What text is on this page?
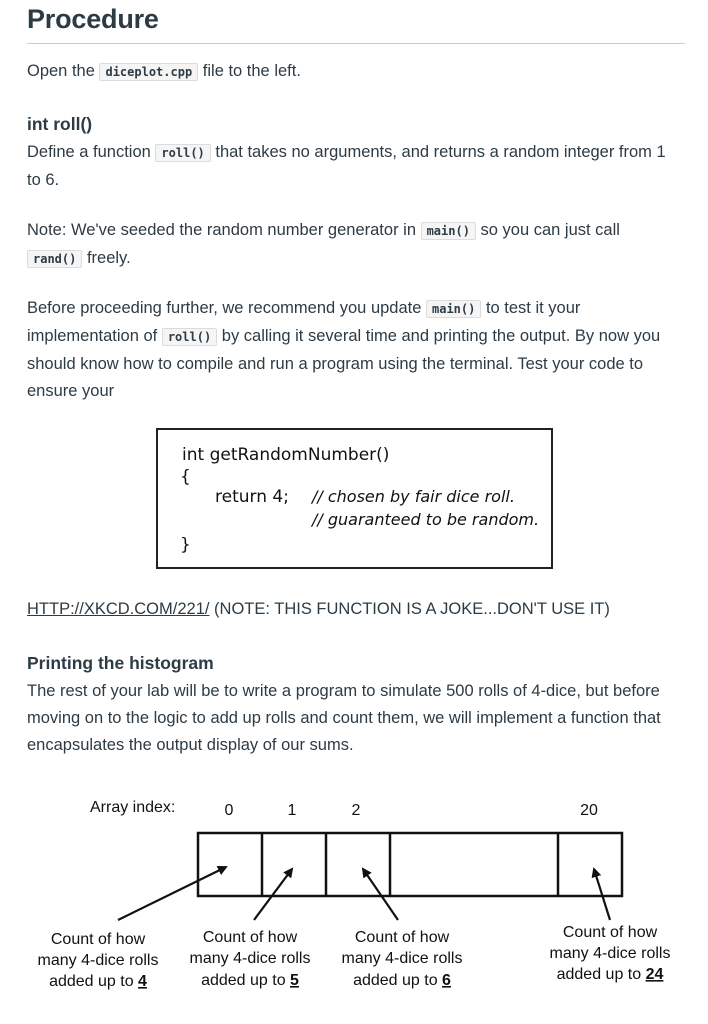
Procedure

Open the diceplot.cpp file to the left.

int roll()

Define a function roll() that takes no arguments, and returns a random integer from 1 to 6.

Note: We've seeded the random number generator in main() so you can just call rand() freely.

Before proceeding further, we recommend you update main() to test it your implementation of roll() by calling it several time and printing the output. By now you should know how to compile and run a program using the terminal. Test your code to ensure your

HTTP://XKCD.COM/221/ (NOTE: THIS FUNCTION IS A JOKE...DON'T USE IT)

Printing the histogram

The rest of your lab will be to write a program to simulate 500 rolls of 4-dice, but before moving on to the logic to add up rolls and count them, we will implement a function that encapsulates the output display of our sums.

int getRandomNumber()
{
return 4; // chosen by fair dice roll.
// guaranteed to be random.
}
Array index:	0	1	2	20
Count of how
many 4-dice rolls
added up to 4
Count of how
many 4-dice rolls
added up to 5
Count of how
many 4-dice rolls
added up to 6
Count of how
many 4-dice rolls
added up to 24
